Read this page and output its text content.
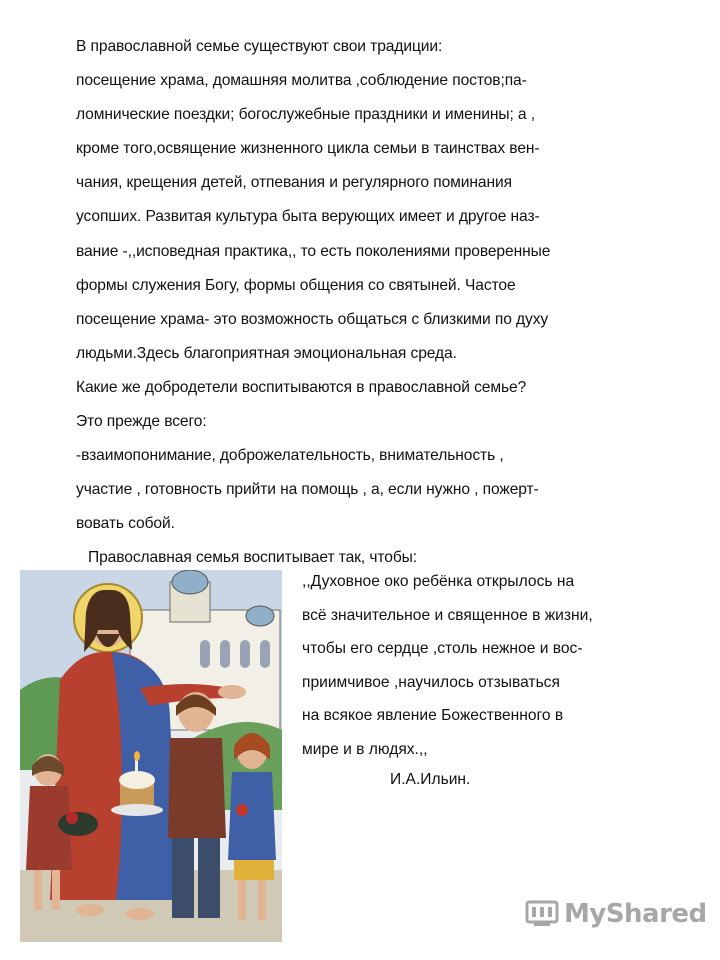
В православной семье существуют свои традиции:
посещение храма, домашняя молитва ,соблюдение постов;па-
ломнические поездки; богослужебные праздники и именины; а ,
кроме того,освящение жизненного цикла семьи в таинствах вен-
чания, крещения детей, отпевания и регулярного поминания
усопших. Развитая культура быта верующих имеет и другое наз-
вание -,,исповедная практика,, то есть поколениями проверенные
формы служения Богу, формы общения со святыней. Частое
посещение храма- это возможность общаться с близкими по духу
людьми.Здесь благоприятная эмоциональная среда.
Какие же добродетели воспитываются в православной семье?
Это прежде всего:
-взаимопонимание, доброжелательность, внимательность ,
участие , готовность прийти на помощь , а, если нужно , пожерт-
вовать собой.
Православная семья воспитывает так, чтобы:
,,Духовное око ребёнка открылось на
всё значительное и священное в жизни,
чтобы его сердце ,столь нежное и вос-
приимчивое ,научилось отзываться
на всякое явление Божественного в
мире и в людях.,,
И.А.Ильин.
MyShared
